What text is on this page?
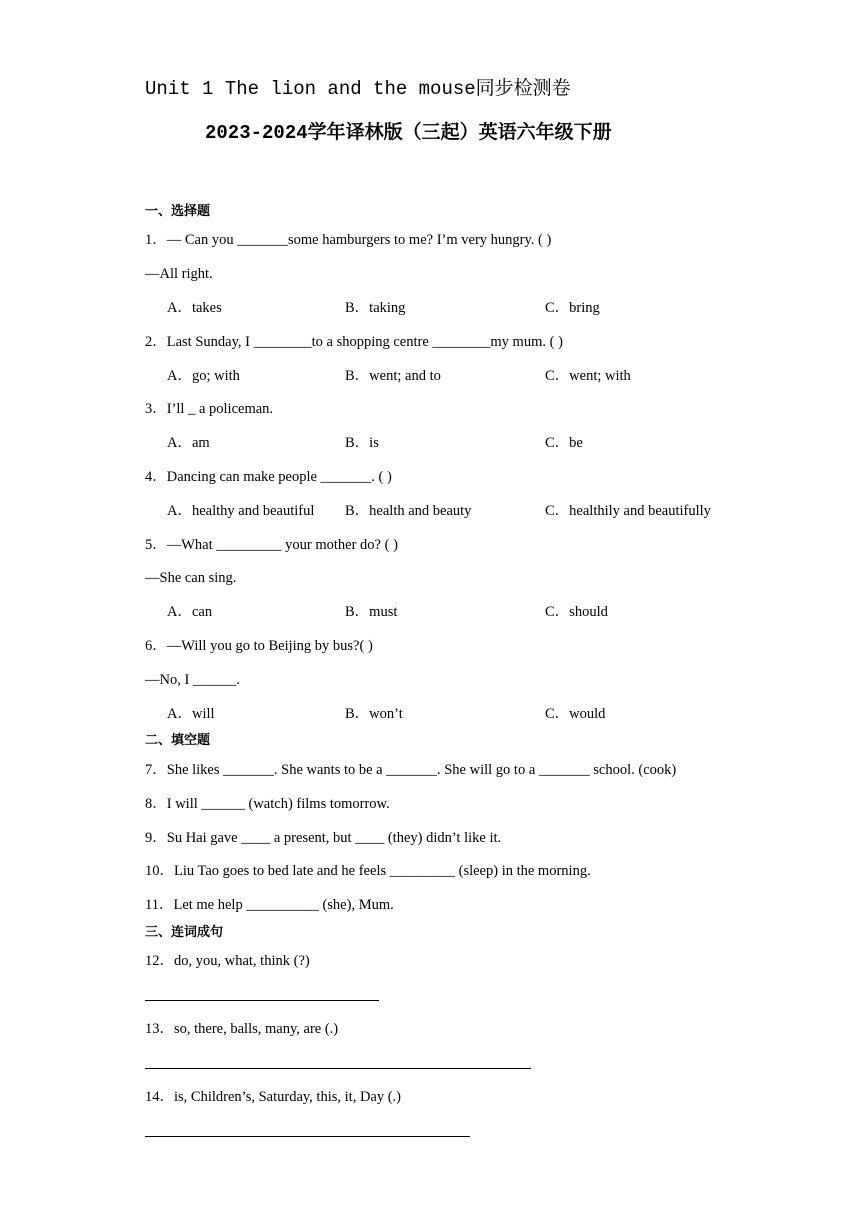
Unit 1 The lion and the mouse同步检测卷
2023-2024学年译林版（三起）英语六年级下册
一、选择题
1．— Can you _______some hamburgers to me? I’m very hungry. ( )
—All right.
A．takes	B．taking	C．bring
2．Last Sunday, I ________to a shopping centre ________my mum. ( )
A．go; with	B．went; and to	C．went; with
3．I’ll _ a policeman.
A．am	B．is	C．be
4．Dancing can make people _______. ( )
A．healthy and beautiful B．health and beauty	C．healthily and beautifully
5．—What _________ your mother do? ( )
—She can sing.
A．can	B．must	C．should
6．—Will you go to Beijing by bus?( )
—No, I ______.
A．will	B．won’t	C．would
二、填空题
7．She likes _______. She wants to be a _______. She will go to a _______ school. (cook)
8．I will ______ (watch) films tomorrow.
9．Su Hai gave ____ a present, but ____ (they) didn’t like it.
10．Liu Tao goes to bed late and he feels _________ (sleep) in the morning.
11．Let me help __________ (she), Mum.
三、连词成句
12．do, you, what, think (?)
13．so, there, balls, many, are (.)
14．is, Children’s, Saturday, this, it, Day (.)
